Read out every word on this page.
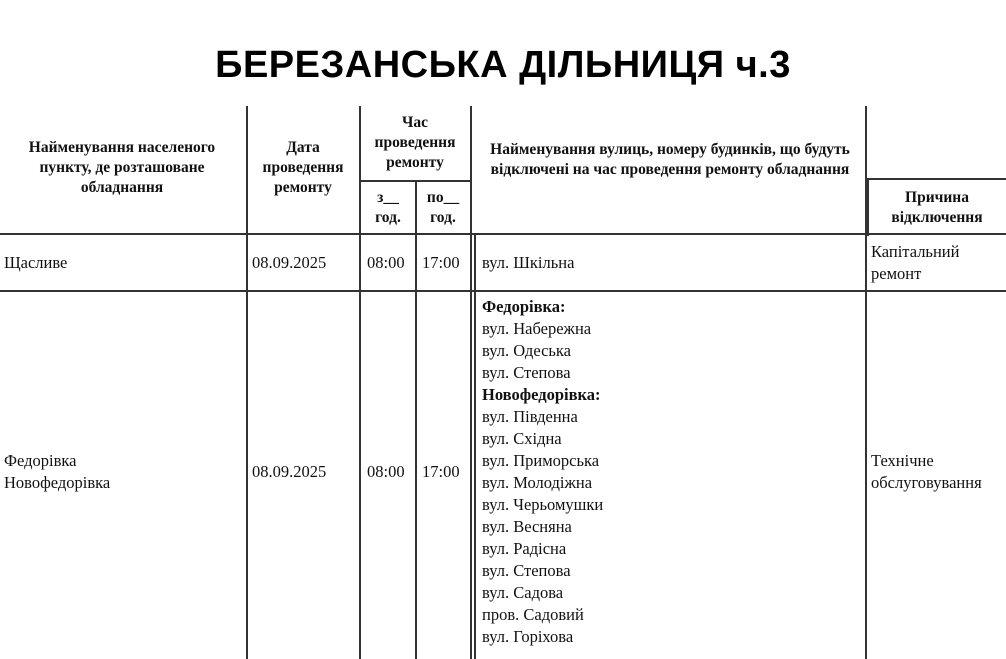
БЕРЕЗАНСЬКА ДІЛЬНИЦЯ ч.3
Найменування населеного пункту, де розташоване обладнання
Дата проведення ремонту
Час проведення ремонту
з__ год.
по__ год.
Найменування вулиць, номеру будинків, що будуть відключені на час проведення ремонту обладнання
Причина відключення
Щасливе	08.09.2025 08:00 17:00 вул. Шкільна
Капітальний ремонт
Федорівка
Новофедорівка
08.09.2025 08:00 17:00
Федорівка:
вул. Набережна
вул. Одеська
вул. Степова
Новофедорівка:
вул. Південна
вул. Східна
вул. Приморська
вул. Молодіжна
вул. Черьомушки
вул. Весняна
вул. Радісна
вул. Степова
вул. Садова
пров. Садовий
вул. Горіхова
Технічне обслуговування
